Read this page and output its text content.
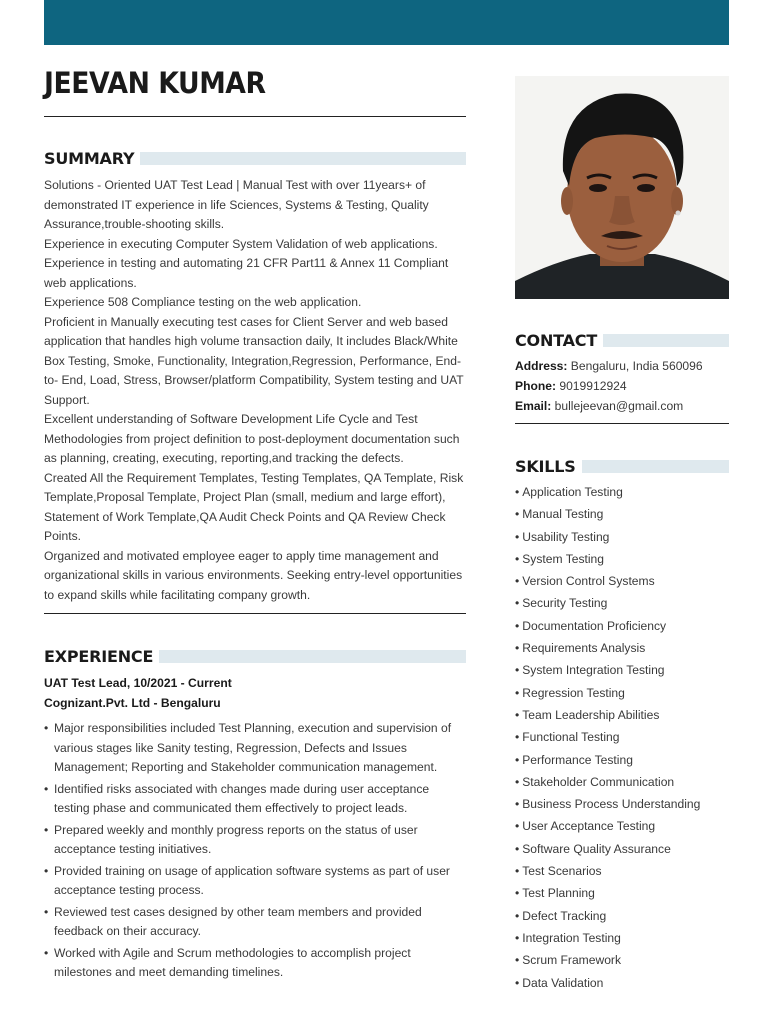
JEEVAN KUMAR
SUMMARY

Solutions - Oriented UAT Test Lead | Manual Test with over 11years+ of demonstrated IT experience in life Sciences, Systems & Testing, Quality Assurance,trouble-shooting skills.

Experience in executing Computer System Validation of web applications.

Experience in testing and automating 21 CFR Part11 & Annex 11 Compliant web applications.

Experience 508 Compliance testing on the web application.

Proficient in Manually executing test cases for Client Server and web based application that handles high volume transaction daily, It includes Black/White Box Testing, Smoke, Functionality, Integration,Regression, Performance, End-to- End, Load, Stress, Browser/platform Compatibility, System testing and UAT Support.

Excellent understanding of Software Development Life Cycle and Test Methodologies from project definition to post-deployment documentation such as planning, creating, executing, reporting,and tracking the defects.

Created All the Requirement Templates, Testing Templates, QA Template, Risk Template,Proposal Template, Project Plan (small, medium and large effort), Statement of Work Template,QA Audit Check Points and QA Review Check Points.

Organized and motivated employee eager to apply time management and organizational skills in various environments. Seeking entry-level opportunities to expand skills while facilitating company growth.

EXPERIENCE
UAT Test Lead, 10/2021 - Current
Cognizant.Pvt. Ltd - Bengaluru
• Major responsibilities included Test Planning, execution and supervision of various stages like Sanity testing, Regression, Defects and Issues Management; Reporting and Stakeholder communication management.
• Identified risks associated with changes made during user acceptance testing phase and communicated them effectively to project leads.
• Prepared weekly and monthly progress reports on the status of user acceptance testing initiatives.
• Provided training on usage of application software systems as part of user acceptance testing process.
• Reviewed test cases designed by other team members and provided feedback on their accuracy.
• Worked with Agile and Scrum methodologies to accomplish project milestones and meet demanding timelines.
CONTACT
Address: Bengaluru, India 560096
Phone: 9019912924
Email: bullejeevan@gmail.com
SKILLS
• Application Testing
• Manual Testing
• Usability Testing
• System Testing
• Version Control Systems
• Security Testing
• Documentation Proficiency
• Requirements Analysis
• System Integration Testing
• Regression Testing
• Team Leadership Abilities
• Functional Testing
• Performance Testing
• Stakeholder Communication
• Business Process Understanding
• User Acceptance Testing
• Software Quality Assurance
• Test Scenarios
• Test Planning
• Defect Tracking
• Integration Testing
• Scrum Framework
• Data Validation
